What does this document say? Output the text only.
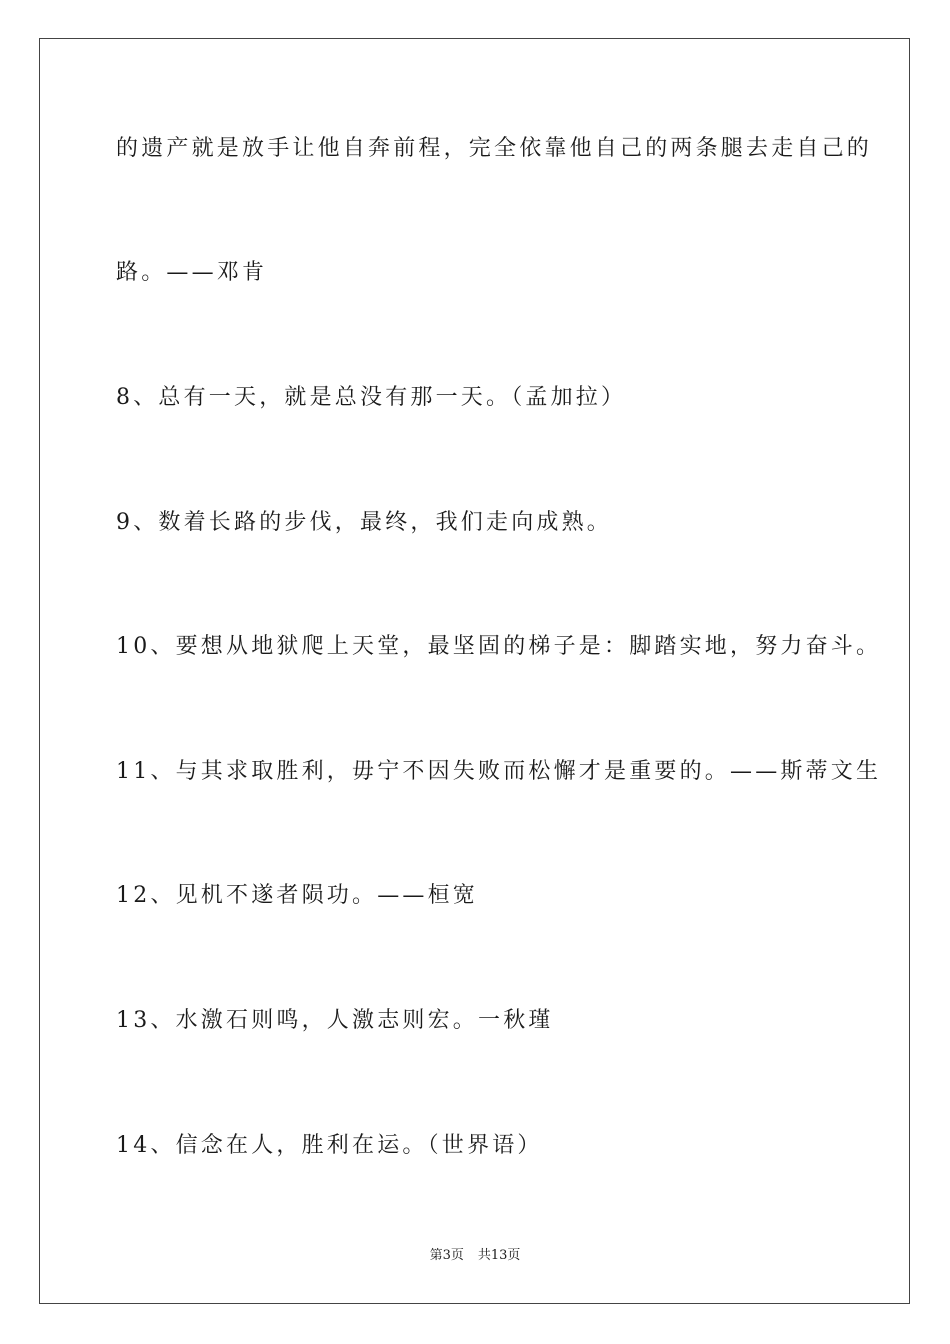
的遗产就是放手让他自奔前程，完全依靠他自己的两条腿去走自己的
路。——邓肯
8、总有一天，就是总没有那一天。（孟加拉）
9、数着长路的步伐，最终，我们走向成熟。
10、要想从地狱爬上天堂，最坚固的梯子是：脚踏实地，努力奋斗。
11、与其求取胜利，毋宁不因失败而松懈才是重要的。——斯蒂文生
12、见机不遂者陨功。——桓宽
13、水激石则鸣，人激志则宏。一秋瑾
14、信念在人，胜利在运。（世界语）
第3页 共13页
